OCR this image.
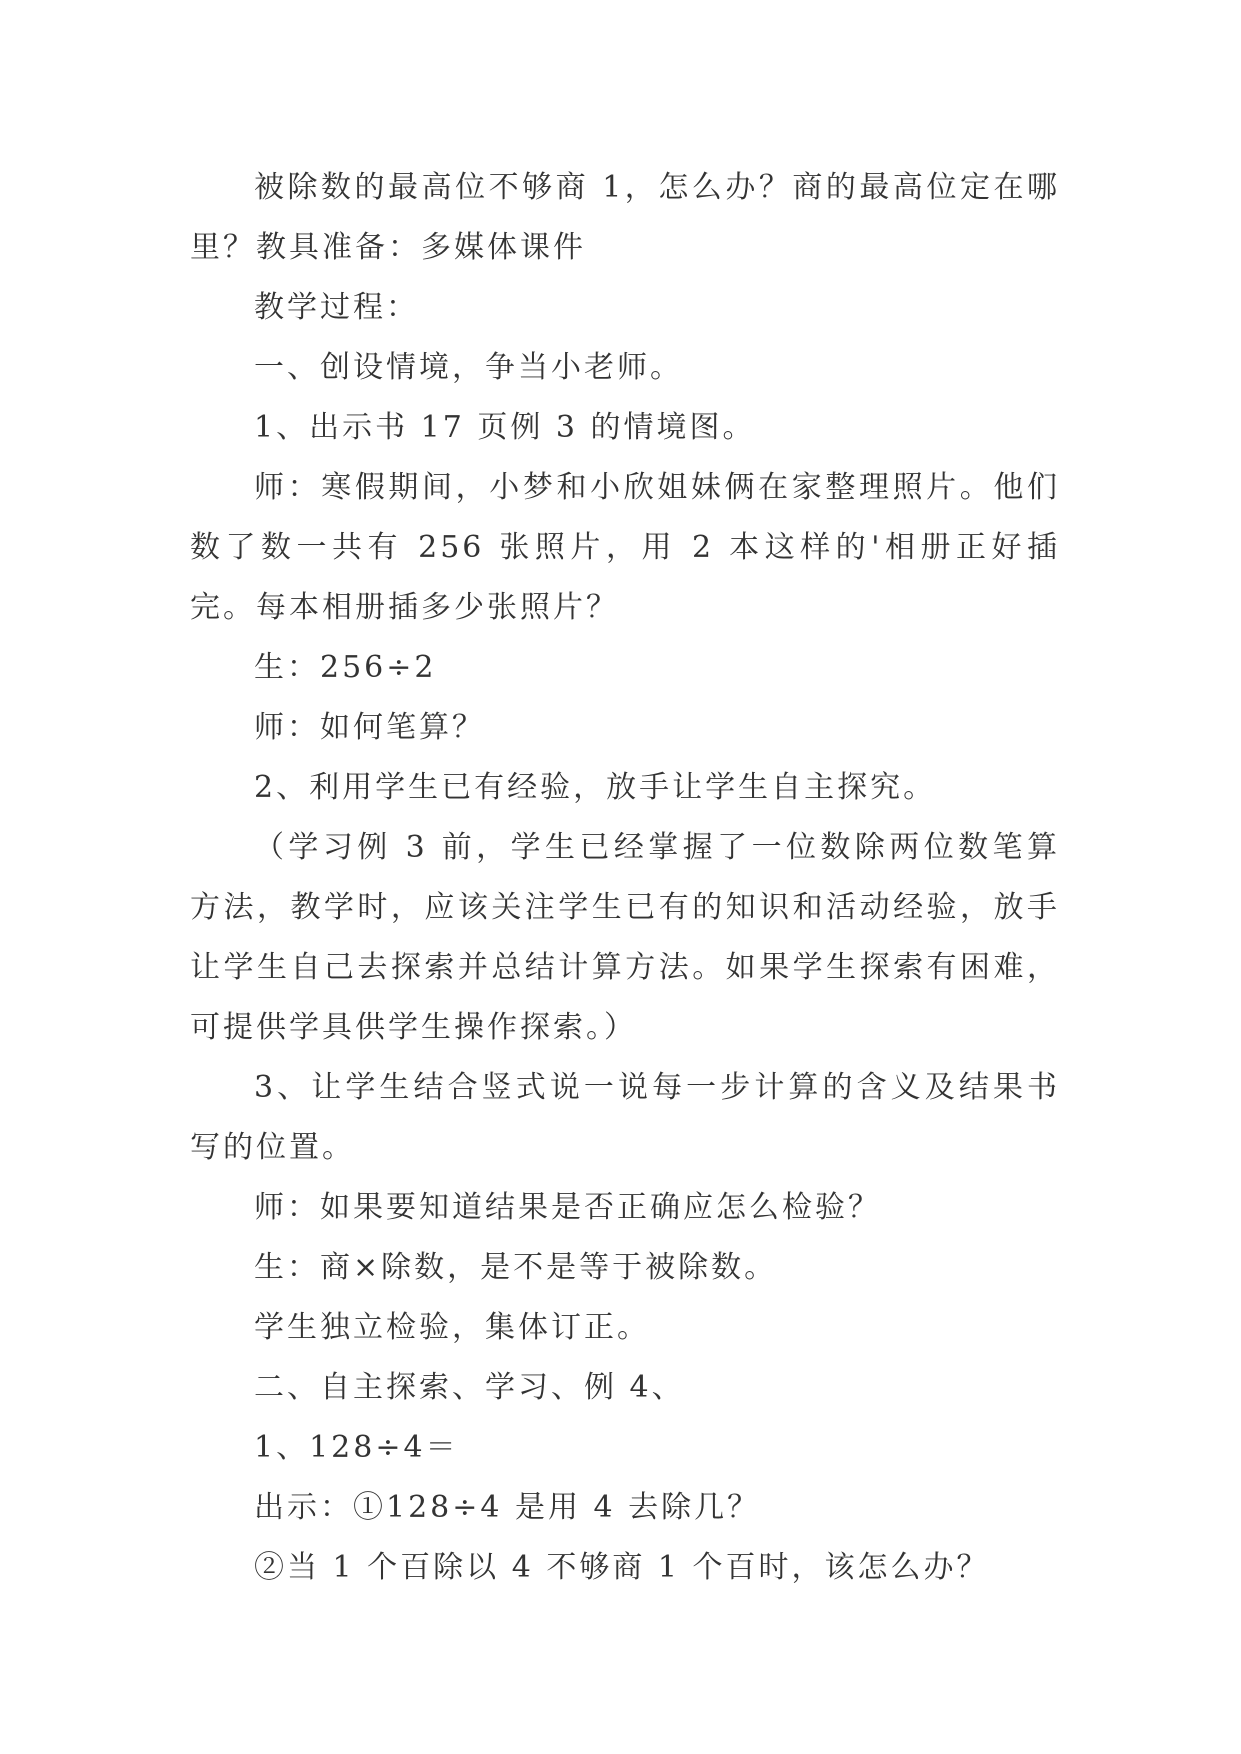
被除数的最高位不够商 1，怎么办？商的最高位定在哪里？教具准备：多媒体课件

教学过程：

一、创设情境，争当小老师。

1、出示书 17 页例 3 的情境图。

师：寒假期间，小梦和小欣姐妹俩在家整理照片。他们数了数一共有 256 张照片，用 2 本这样的'相册正好插完。每本相册插多少张照片？

生：256÷2

师：如何笔算？

2、利用学生已有经验，放手让学生自主探究。

（学习例 3 前，学生已经掌握了一位数除两位数笔算方法，教学时，应该关注学生已有的知识和活动经验，放手让学生自己去探索并总结计算方法。如果学生探索有困难，可提供学具供学生操作探索。）

3、让学生结合竖式说一说每一步计算的含义及结果书写的位置。

师：如果要知道结果是否正确应怎么检验？

生：商×除数，是不是等于被除数。

学生独立检验，集体订正。

二、自主探索、学习、例 4、

1、128÷4＝

出示：①128÷4 是用 4 去除几？

②当 1 个百除以 4 不够商 1 个百时，该怎么办？
